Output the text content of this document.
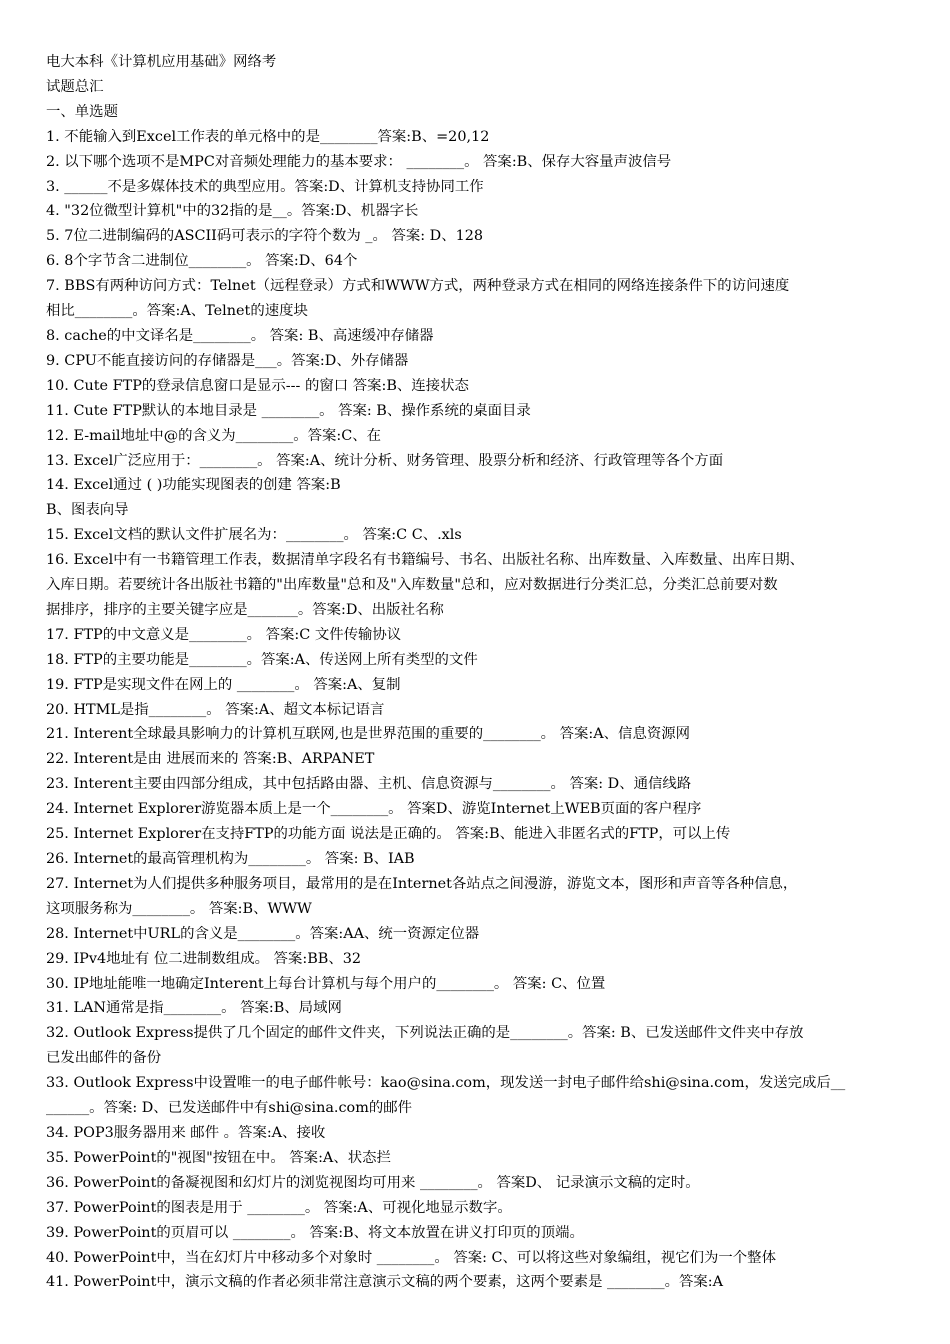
电大本科《计算机应用基础》网络考
试题总汇
一、单选题
1. 不能输入到Excel工作表的单元格中的是________答案:B、=20,12
2. 以下哪个选项不是MPC对音频处理能力的基本要求： ________。 答案:B、保存大容量声波信号
3. ______不是多媒体技术的典型应用。答案:D、计算机支持协同工作
4. "32位微型计算机"中的32指的是__。答案:D、机器字长
5. 7位二进制编码的ASCII码可表示的字符个数为 _。 答案: D、128
6. 8个字节含二进制位________。 答案:D、64个
7. BBS有两种访问方式：Telnet（远程登录）方式和WWW方式，两种登录方式在相同的网络连接条件下的访问速度
相比________。答案:A、Telnet的速度块
8. cache的中文译名是________。 答案: B、高速缓冲存储器
9. CPU不能直接访问的存储器是___。答案:D、外存储器
10. Cute FTP的登录信息窗口是显示--- 的窗口 答案:B、连接状态
11. Cute FTP默认的本地目录是 ________。 答案: B、操作系统的桌面目录
12. E-mail地址中@的含义为________。答案:C、在
13. Excel广泛应用于：________。 答案:A、统计分析、财务管理、股票分析和经济、行政管理等各个方面
14. Excel通过 ( )功能实现图表的创建 答案:B
B、图表向导
15. Excel文档的默认文件扩展名为：________。 答案:C C、.xls
16. Excel中有一书籍管理工作表，数据清单字段名有书籍编号、书名、出版社名称、出库数量、入库数量、出库日期、
入库日期。若要统计各出版社书籍的"出库数量"总和及"入库数量"总和，应对数据进行分类汇总，分类汇总前要对数
据排序，排序的主要关键字应是_______。答案:D、出版社名称
17. FTP的中文意义是________。 答案:C 文件传输协议
18. FTP的主要功能是________。答案:A、传送网上所有类型的文件
19. FTP是实现文件在网上的 ________。 答案:A、复制
20. HTML是指________。 答案:A、超文本标记语言
21. Interent全球最具影响力的计算机互联网,也是世界范围的重要的________。 答案:A、信息资源网
22. Interent是由 进展而来的 答案:B、ARPANET
23. Interent主要由四部分组成，其中包括路由器、主机、信息资源与________。 答案: D、通信线路
24. Internet Explorer游览器本质上是一个________。 答案D、游览Internet上WEB页面的客户程序
25. Internet Explorer在支持FTP的功能方面 说法是正确的。 答案:B、能进入非匿名式的FTP，可以上传
26. Internet的最高管理机构为________。 答案: B、IAB
27. Internet为人们提供多种服务项目，最常用的是在Internet各站点之间漫游，游览文本，图形和声音等各种信息，
这项服务称为________。 答案:B、WWW
28. Internet中URL的含义是________。答案:AA、统一资源定位器
29. IPv4地址有 位二进制数组成。 答案:BB、32
30. IP地址能唯一地确定Interent上每台计算机与每个用户的________。 答案: C、位置
31. LAN通常是指________。 答案:B、局域网
32. Outlook Express提供了几个固定的邮件文件夹，下列说法正确的是________。答案: B、已发送邮件文件夹中存放
已发出邮件的备份
33. Outlook Express中设置唯一的电子邮件帐号：kao@sina.com，现发送一封电子邮件给shi@sina.com，发送完成后__
______。答案: D、已发送邮件中有shi@sina.com的邮件
34. POP3服务器用来 邮件 。答案:A、接收
35. PowerPoint的"视图"按钮在中。 答案:A、状态拦
36. PowerPoint的备凝视图和幻灯片的浏览视图均可用来 ________。 答案D、 记录演示文稿的定时。
37. PowerPoint的图表是用于 ________。 答案:A、可视化地显示数字。
39. PowerPoint的页眉可以 ________。 答案:B、将文本放置在讲义打印页的顶端。
40. PowerPoint中，当在幻灯片中移动多个对象时 ________。 答案: C、可以将这些对象编组，视它们为一个整体
41. PowerPoint中，演示文稿的作者必须非常注意演示文稿的两个要素，这两个要素是 ________。答案:A
